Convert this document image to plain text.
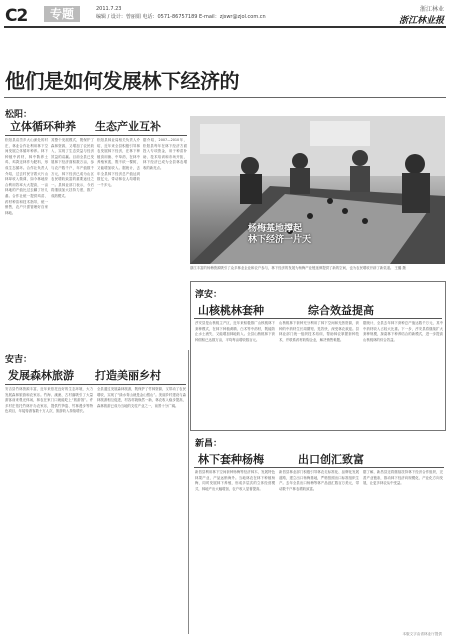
C2	专题	2011.7.23
编辑 / 设计：曾丽娟 电话：0571-86757189 E-mail：zjswr@zjol.com.cn
浙江林业
浙江林业报
他们是如何发展林下经济的
松阳：
立体循环种养 生态产业互补
松阳县双岱乡大山深处的村庄，林业合作社利用林下空间发展立体循环种养。林下种植中药材，林中散养土鸡，鸡粪还林作为肥料，形成生态循环。合作社负责人介绍，过去村民守着大片山林却收入微薄，如今林地综合利用效率大大提高，一亩林地的产值比过去翻了好几番。合作社统一提供鸡苗、药材种苗和技术指导，统一销售，农户只需管理好自家林地。
其整个发展模式，既保护了森林资源，又增加了农民收入，实现了生态效益与经济效益的双赢。目前全县已发展林下经济面积数万亩，参与农户数千户，年产值数千万元，林下经济已成为山区农民增收致富的重要途径之一。县林业部门表示，今后将继续加大扶持力度，推广成熟模式。
松阳县林业局相关负责人介绍，近年来全县积极引导林农发展林下经济，在林下种植食用菌、中草药，在林中养殖家禽，既不砍一棵树，又能增加收入。据统计，去年全县林下经济总产值达到数亿元，带动林农人均增收一千多元。
据介绍，2007—2010年，松阳县每年在林下经济方面投入专项资金，用于种苗补助、技术培训和市场开拓，林下经济已成为全县林农增收的新亮点。
杨梅基地撑起
林下经济一片天
浙江丰富的杨梅资源吸引了众多林业企业和农户参与，林下经济的发展为杨梅产业链延伸提供了新的空间，也为农民增收开辟了新渠道。 王璐 摄
淳安：
山核桃林套种	综合效益提高
淳安县是山核桃主产区，近年来积极推广山核桃林下套种模式，在林下种植黄精、白术等中药材，既能防止水土流失，又能增加林地收入。全县山核桃林下套种面积已达数万亩，平均每亩增收数百元。
山核桃林下套种充分利用了林下空间和光热资源，套种的中药材生长周期短、见效快，深受林农欢迎。县林业部门统一组织技术培训，帮助林农掌握套种技术，并联系药材收购企业，解决销售难题。
据统计，全县去年林下套种总产值达数千万元，其中中药材收入占较大比重。下一步，淳安县将继续扩大套种规模，探索林下种养结合的新模式，进一步提高山核桃林的综合效益。
安吉：
发展森林旅游 打造美丽乡村
安吉县竹林资源丰富，近年来依托良好的生态环境，大力发展森林旅游和农家乐。竹海、溪流、古村落吸引了大量游客前来观光休闲，林农在家门口就能吃上“旅游饭”。许多村庄依托竹林开办农家乐，提供竹笋宴、竹林漫步等特色项目，年接待游客数十万人次，旅游收入持续增长。
全县通过发展森林旅游，既保护了竹林资源，又带动了农民增收，实现了“绿水青山就是金山银山”。美丽乡村建设与森林旅游相互促进，村容村貌焕然一新，林农收入稳步提高，森林旅游已成为当地的支柱产业之一，前景十分广阔。
新昌：
林下套种杨梅	出口创汇致富
新昌县利用林下空间套种杨梅等经济林木，发展特色林果产业，产品远销海外。当地林农在林下种植杨梅，同时发展林下养殖，形成多层次的立体经营模式，林地产出大幅增加，农户收入显著提高。
新昌县林业部门积极引导林农走标准化、品牌化发展道路，建立出口杨梅基地，严格按照出口标准组织生产。去年全县出口杨梅等林产品创汇数百万美元，带动数千户林农增收致富。
据了解，新昌县还将继续扶持林下经济合作组织，完善产业链条，推动林下经济向规模化、产业化方向发展，让更多林农从中受益。
本版文字由省林业厅提供
